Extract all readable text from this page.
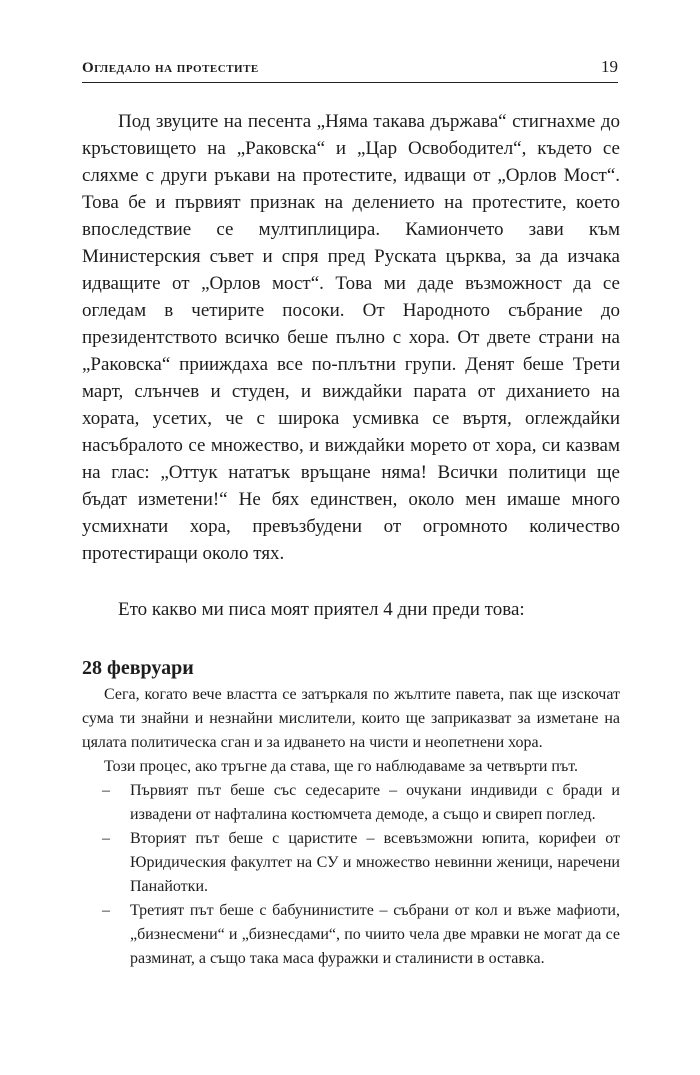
Огледало на протестите	19

Под звуците на песента „Няма такава държава“ стигнахме до кръстовището на „Раковска“ и „Цар Освободител“, където се сляхме с други ръкави на протестите, идващи от „Орлов Мост“. Това бе и първият признак на делението на протестите, което впоследствие се мултиплицира. Камиончето зави към Министерския съвет и спря пред Руската църква, за да изчака идващите от „Орлов мост“. Това ми даде възможност да се огледам в четирите посоки. От Народното събрание до президентството всичко беше пълно с хора. От двете страни на „Раковска“ прииждаха все по-плътни групи. Денят беше Трети март, слънчев и студен, и виждайки парата от диханието на хората, усетих, че с широка усмивка се въртя, оглеждайки насъбралото се множество, и виждайки морето от хора, си казвам на глас: „Оттук нататък връщане няма! Всички политици ще бъдат изметени!“ Не бях единствен, около мен имаше много усмихнати хора, превъзбудени от огромното количество протестиращи около тях.

Ето какво ми писа моят приятел 4 дни преди това:

28 февруари

Сега, когато вече властта се затъркаля по жълтите павета, пак ще изскочат сума ти знайни и незнайни мислители, които ще заприказват за изметане на цялата политическа сган и за идването на чисти и неопетнени хора.

Този процес, ако тръгне да става, ще го наблюдаваме за четвърти път.

– Първият път беше със седесарите – очукани индивиди с бради и извадени от нафталина костюмчета демоде, а също и свиреп поглед.
– Вторият път беше с царистите – всевъзможни юпита, корифеи от Юридическия факултет на СУ и множество невинни женици, наречени Панайотки.
– Третият път беше с бабунинистите – събрани от кол и въже мафиоти, „бизнесмени“ и „бизнесдами“, по чиито чела две мравки не могат да се разминат, а също така маса фуражки и сталинисти в оставка.
